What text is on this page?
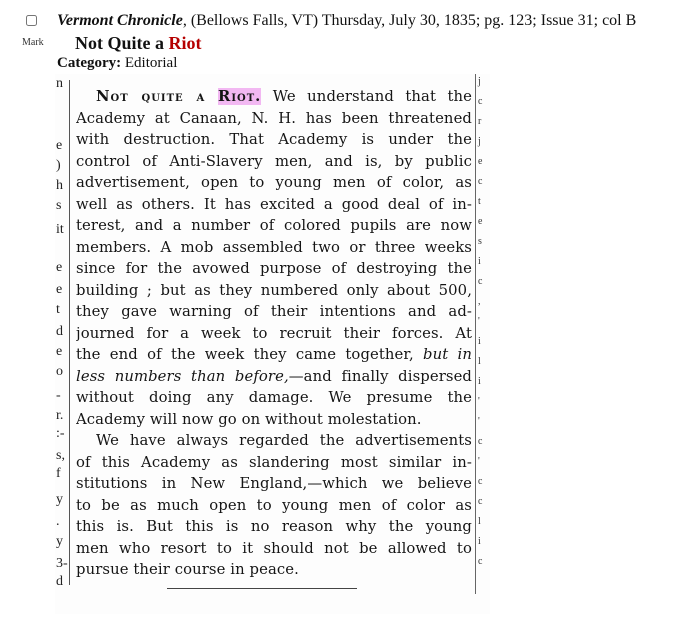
Mark
Vermont Chronicle, (Bellows Falls, VT) Thursday, July 30, 1835; pg. 123; Issue 31; col B
Not Quite a Riot
Category: Editorial
n
e
)
h
s
it
e
e
t
d
e
o
-
r.
:-
s,
f
y
.
y
3-
d
Not quite a Riot. We understand that the
Academy at Canaan, N. H. has been threatened
with destruction. That Academy is under the
control of Anti-Slavery men, and is, by public
advertisement, open to young men of color, as
well as others. It has excited a good deal of in-
terest, and a number of colored pupils are now
members. A mob assembled two or three weeks
since for the avowed purpose of destroying the
building ; but as they numbered only about 500,
they gave warning of their intentions and ad-
journed for a week to recruit their forces. At
the end of the week they came together, but in
less numbers than before,—and finally dispersed
without doing any damage. We presume the
Academy will now go on without molestation.
We have always regarded the advertisements
of this Academy as slandering most similar in-
stitutions in New England,—which we believe
to be as much open to young men of color as
this is. But this is no reason why the young
men who resort to it should not be allowed to
pursue their course in peace.
j
c
r
j
e
c
t
e
s
i
c
,
'
i
l
i
'
'
c
'
c
c
l
i
c
